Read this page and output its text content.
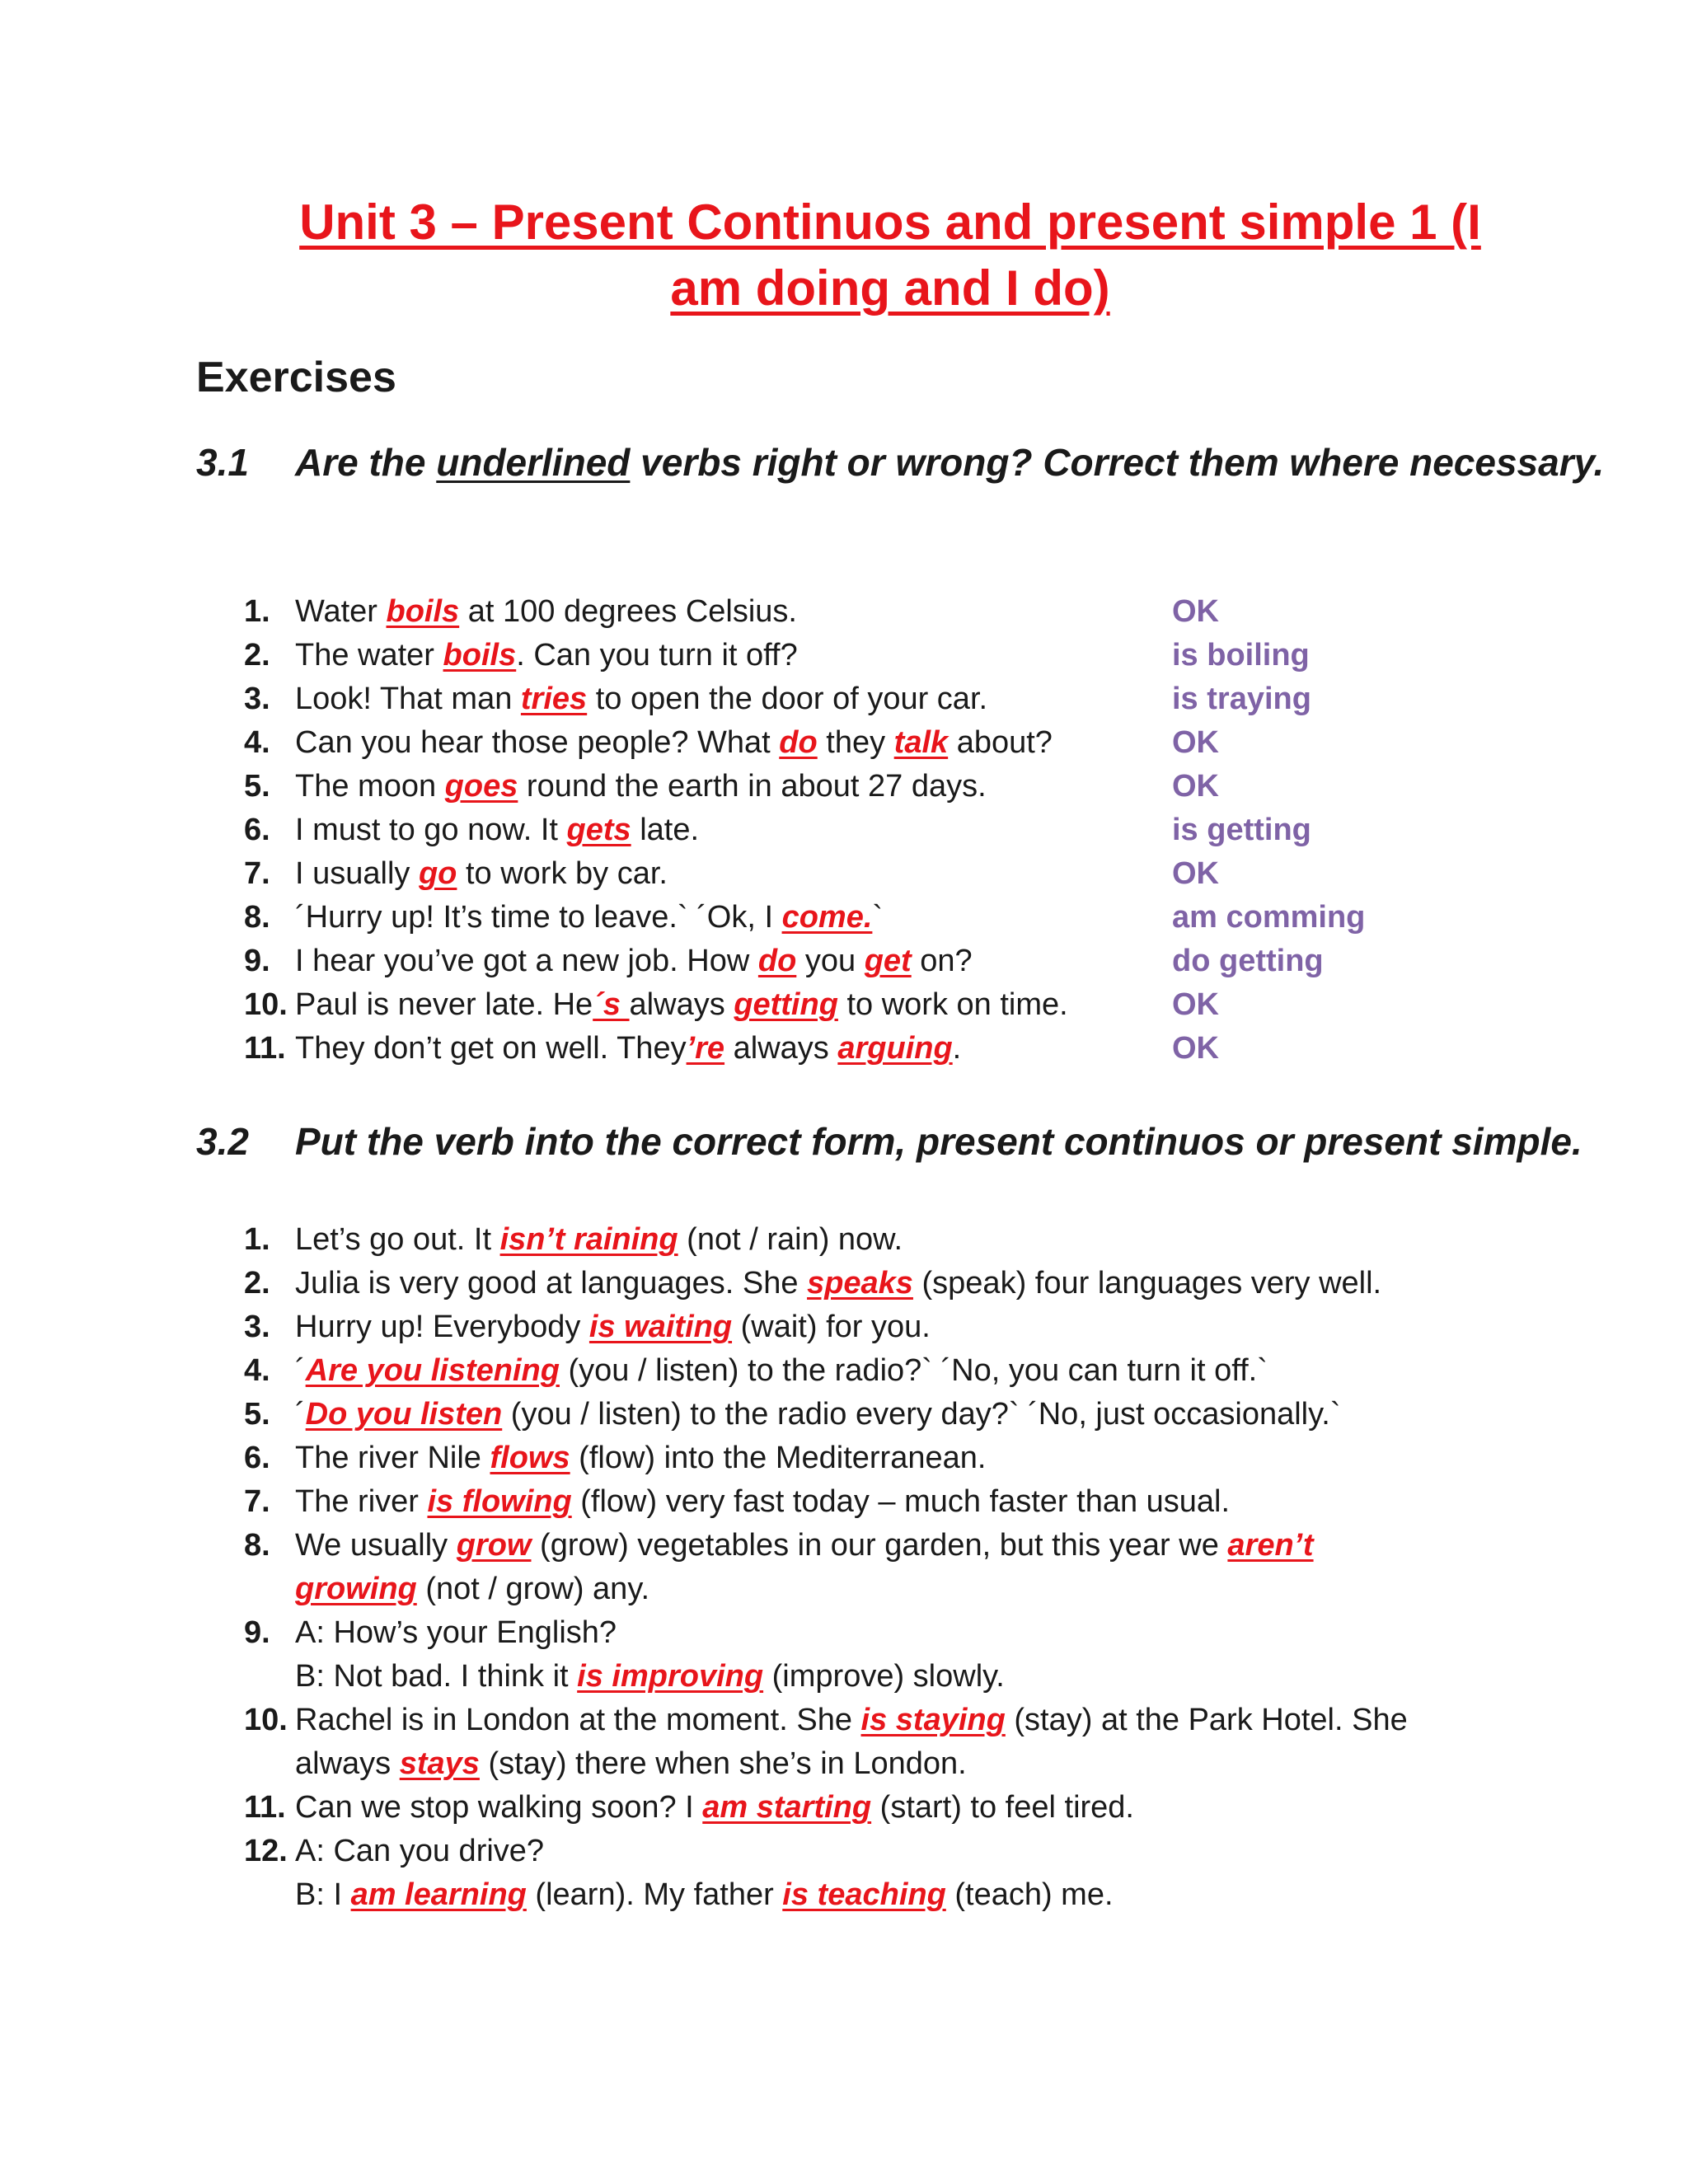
Unit 3 – Present Continuos and present simple 1 (I
am doing and I do)
Exercises
3.1 Are the underlined verbs right or wrong? Correct them where necessary.
1. Water boils at 100 degrees Celsius.	OK
2. The water boils. Can you turn it off?	is boiling
3. Look! That man tries to open the door of your car.	is traying
4. Can you hear those people? What do they talk about?	OK
5. The moon goes round the earth in about 27 days.	OK
6. I must to go now. It gets late.	is getting
7. I usually go to work by car.	OK
8. ´Hurry up! It’s time to leave.` ´Ok, I come.`	am comming
9. I hear you’ve got a new job. How do you get on?	do getting
10. Paul is never late. He´s always getting to work on time.	OK
11. They don’t get on well. They’re always arguing.	OK
3.2 Put the verb into the correct form, present continuos or present simple.
1. Let’s go out. It isn’t raining (not / rain) now.
2. Julia is very good at languages. She speaks (speak) four languages very well.
3. Hurry up! Everybody is waiting (wait) for you.
4. ´Are you listening (you / listen) to the radio?` ´No, you can turn it off.`
5. ´Do you listen (you / listen) to the radio every day?` ´No, just occasionally.`
6. The river Nile flows (flow) into the Mediterranean.
7. The river is flowing (flow) very fast today – much faster than usual.
8. We usually grow (grow) vegetables in our garden, but this year we aren’t
growing (not / grow) any.
9. A: How’s your English?
B: Not bad. I think it is improving (improve) slowly.
10. Rachel is in London at the moment. She is staying (stay) at the Park Hotel. She
always stays (stay) there when she’s in London.
11. Can we stop walking soon? I am starting (start) to feel tired.
12. A: Can you drive?
B: I am learning (learn). My father is teaching (teach) me.
